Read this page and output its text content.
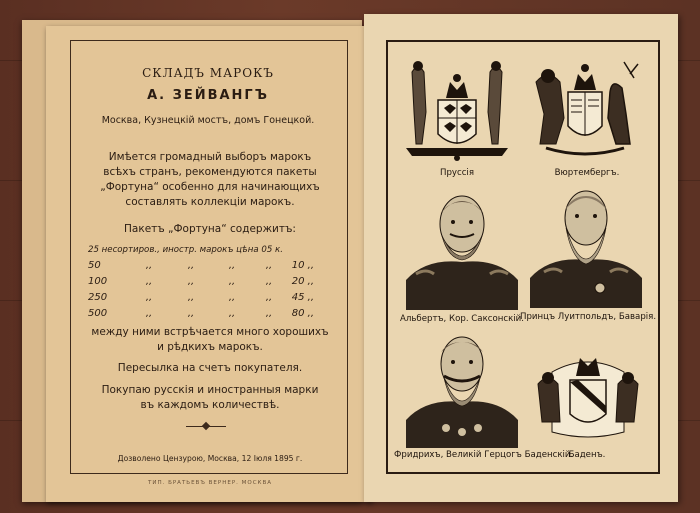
СКЛАДЪ МАРОКЪ
А. ЗЕЙВАНГЪ
Москва, Кузнецкiй мостъ, домъ Гонецкой.
Имѣется громадный выборъ марокъ
всѣхъ странъ, рекомендуются пакеты
„Фортуна“ особенно для начинающихъ
составлять коллекцiи марокъ.
Пакетъ „Фортуна“ содержитъ:
25 несортиров., иностр. марокъ цѣна 05 к.
50	,,	,,	,,	,,	10 ,,
100	,,	,,	,,	,,	20 ,,
250	,,	,,	,,	,,	45 ,,
500	,,	,,	,,	,,	80 ,,
между ними встрѣчается много хорошихъ
и рѣдкихъ марокъ.
Пересылка на счетъ покупателя.
Покупаю русскiя и иностранныя марки
въ каждомъ количествѣ.
Дозволено Цензурою, Москва, 12 Iюля 1895 г.
ТИП. БРАТЬЕВЪ ВЕРНЕР. МОСКВА
Пруссiя	Вюртембергъ.
Альбертъ, Кор. Саксонскiй.
Принцъ Луитпольдъ, Баварiя.
Фридрихъ, Великiй Герцогъ Баденскiй.
Баденъ.
